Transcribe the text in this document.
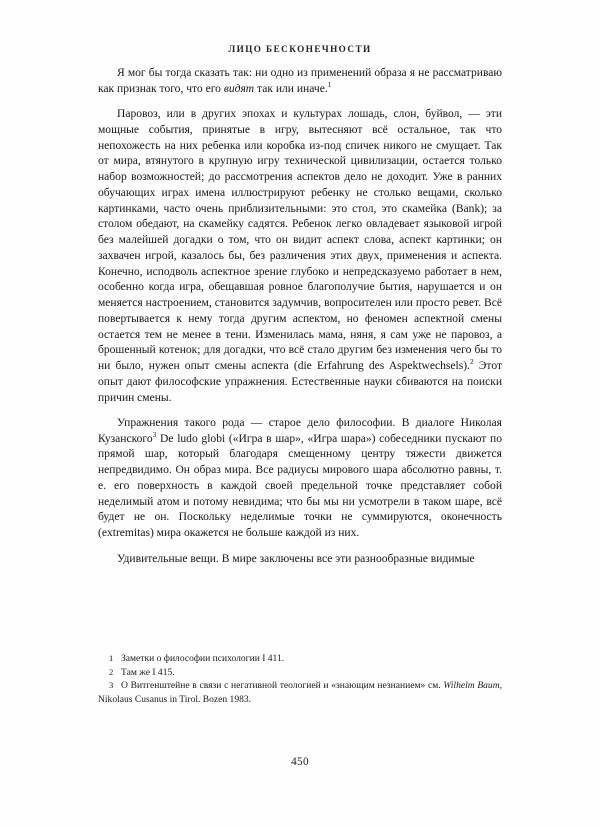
ЛИЦО БЕСКОНЕЧНОСТИ

Я мог бы тогда сказать так: ни одно из применений образа я не рассматриваю как признак того, что его видят так или иначе.$^1$

Паровоз, или в других эпохах и культурах лошадь, слон, буйвол, — эти мощные события, принятые в игру, вытесняют всё остальное, так что непохожесть на них ребенка или коробка из-под спичек никого не смущает. Так от мира, втянутого в крупную игру технической цивилизации, остается только набор возможностей; до рассмотрения аспектов дело не доходит. Уже в ранних обучающих играх имена иллюстрируют ребенку не столько вещами, сколько картинками, часто очень приблизительными: это стол, это скамейка (Bank); за столом обедают, на скамейку садятся. Ребенок легко овладевает языковой игрой без малейшей догадки о том, что он видит аспект слова, аспект картинки; он захвачен игрой, казалось бы, без различения этих двух, применения и аспекта. Конечно, исподволь аспектное зрение глубоко и непредсказуемо работает в нем, особенно когда игра, обещавшая ровное благополучие бытия, нарушается и он меняется настроением, становится задумчив, вопросителен или просто ревет. Всё повертывается к нему тогда другим аспектом, но феномен аспектной смены остается тем не менее в тени. Изменилась мама, няня, я сам уже не паровоз, а брошенный котенок; для догадки, что всё стало другим без изменения чего бы то ни было, нужен опыт смены аспекта (die Erfahrung des Aspektwechsels).$^2$ Этот опыт дают философские упражнения. Естественные науки сбиваются на поиски причин смены.

Упражнения такого рода — старое дело философии. В диалоге Николая Кузанского$^3$ De ludo globi («Игра в шар», «Игра шара») собеседники пускают по прямой шар, который благодаря смещенному центру тяжести движется непредвидимо. Он образ мира. Все радиусы мирового шара абсолютно равны, т. е. его поверхность в каждой своей предельной точке представляет собой неделимый атом и потому невидима; что бы мы ни усмотрели в таком шаре, всё будет не он. Поскольку неделимые точки не суммируются, оконечность (extremitas) мира окажется не больше каждой из них.

Удивительные вещи. В мире заключены все эти разнообразные видимые

1 Заметки о философии психологии I 411.

2 Там же I 415.

3 О Витгенштейне в связи с негативной теологией и «знающим незнанием» см. Wilhelm Baum, Nikolaus Cusanus in Tirol. Bozen 1983.

450
